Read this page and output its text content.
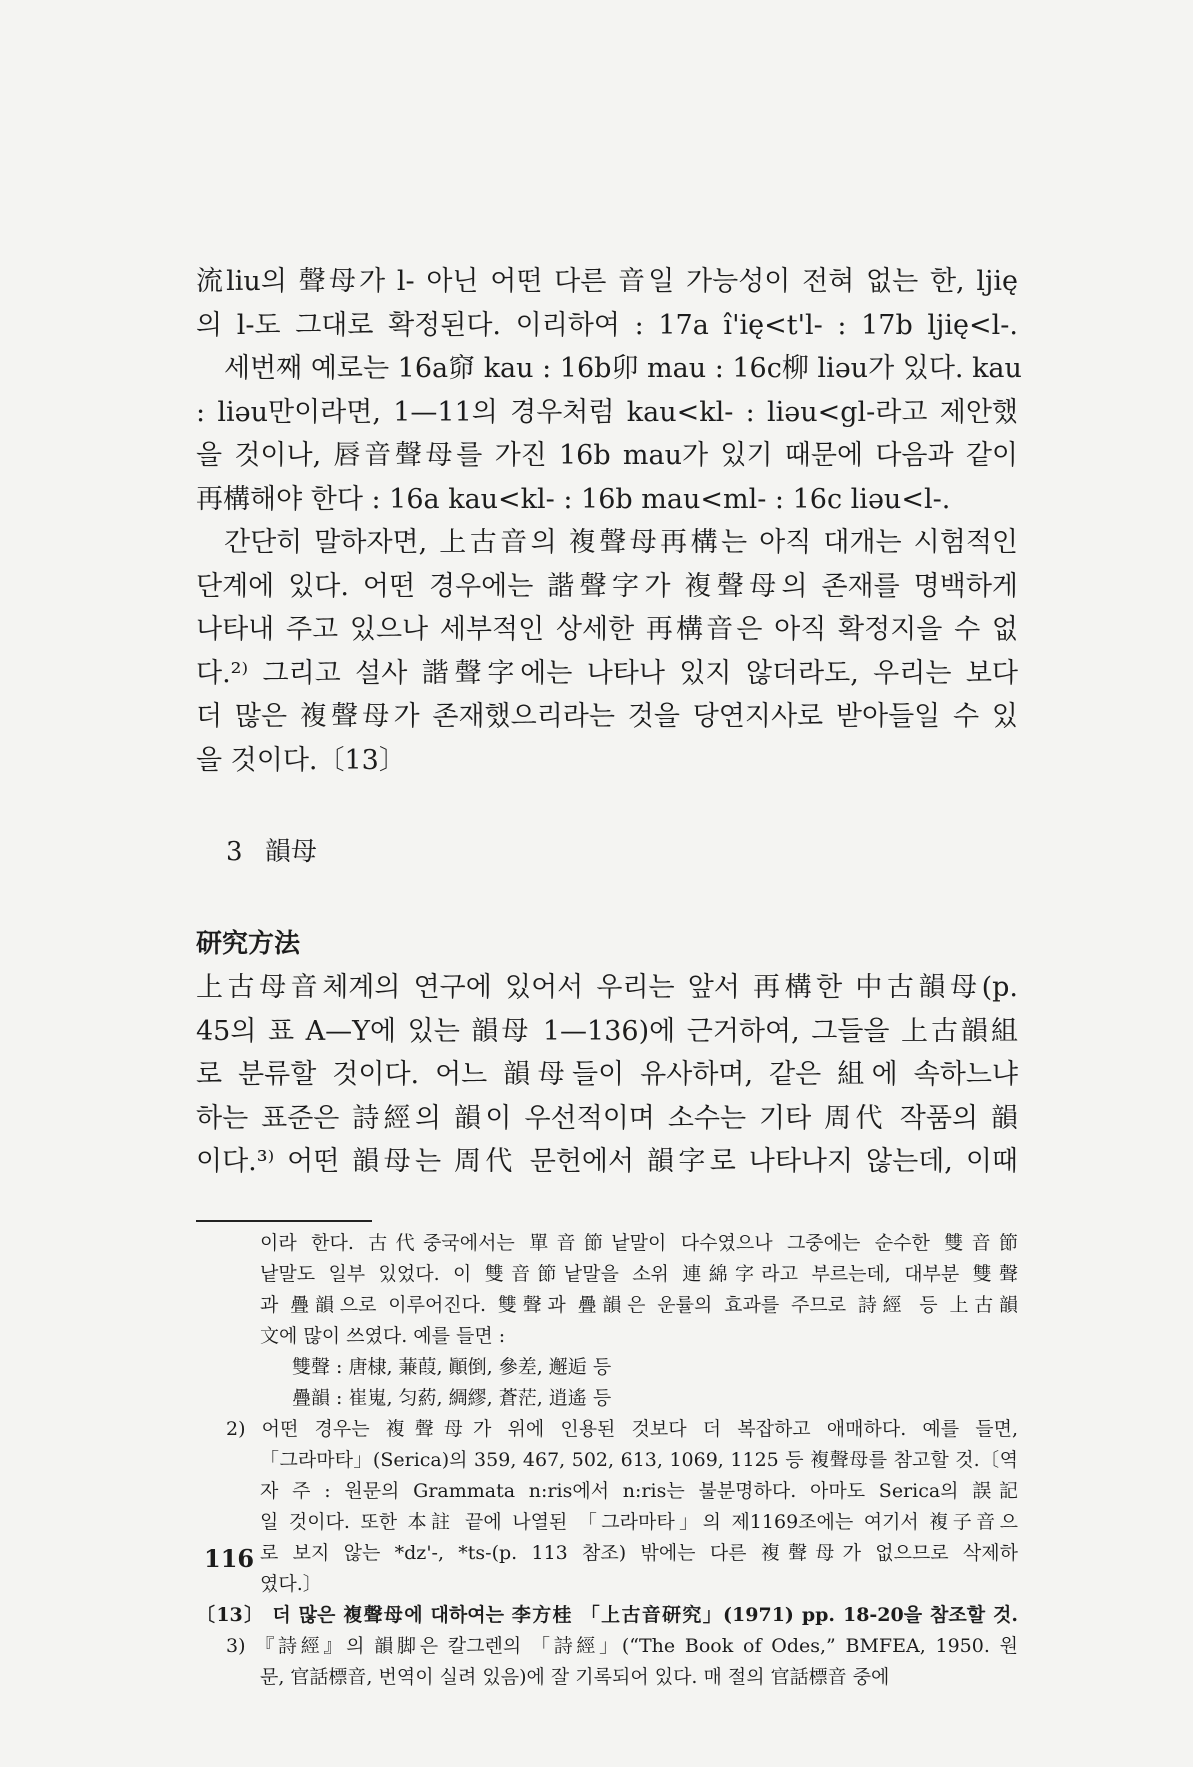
流liu의 聲母가 l- 아닌 어떤 다른 音일 가능성이 전혀 없는 한, ljię
의 l-도 그대로 확정된다. 이리하여 : 17a î'ię<t'l- : 17b ljię<l-.
세번째 예로는 16a窌 kau : 16b卯 mau : 16c柳 liəu가 있다. kau
: liəu만이라면, 1—11의 경우처럼 kau<kl- : liəu<gl-라고 제안했
을 것이나, 唇音聲母를 가진 16b mau가 있기 때문에 다음과 같이
再構해야 한다 : 16a kau<kl- : 16b mau<ml- : 16c liəu<l-.
간단히 말하자면, 上古音의 複聲母再構는 아직 대개는 시험적인
단계에 있다. 어떤 경우에는 諧聲字가 複聲母의 존재를 명백하게
나타내 주고 있으나 세부적인 상세한 再構音은 아직 확정지을 수 없
다.²⁾ 그리고 설사 諧聲字에는 나타나 있지 않더라도, 우리는 보다
더 많은 複聲母가 존재했으리라는 것을 당연지사로 받아들일 수 있
을 것이다.〔13〕
3 韻母
研究方法
上古母音체계의 연구에 있어서 우리는 앞서 再構한 中古韻母(p.
45의 표 A—Y에 있는 韻母 1—136)에 근거하여, 그들을 上古韻組
로 분류할 것이다. 어느 韻母들이 유사하며, 같은 組에 속하느냐
하는 표준은 詩經의 韻이 우선적이며 소수는 기타 周代 작품의 韻
이다.³⁾ 어떤 韻母는 周代 문헌에서 韻字로 나타나지 않는데, 이때
이라 한다. 古代중국에서는 單音節낱말이 다수였으나 그중에는 순수한 雙音節
낱말도 일부 있었다. 이 雙音節낱말을 소위 連綿字라고 부르는데, 대부분 雙聲
과 疊韻으로 이루어진다. 雙聲과 疊韻은 운률의 효과를 주므로 詩經 등 上古韻
文에 많이 쓰였다. 예를 들면 :
雙聲 : 唐棣, 蒹葭, 顚倒, 參差, 邂逅 등
疊韻 : 崔嵬, 匀葯, 綢繆, 蒼茫, 逍遙 등
2) 어떤 경우는 複聲母가 위에 인용된 것보다 더 복잡하고 애매하다. 예를 들면,
「그라마타」(Serica)의 359, 467, 502, 613, 1069, 1125 등 複聲母를 참고할 것.〔역
자 주 : 원문의 Grammata n:ris에서 n:ris는 불분명하다. 아마도 Serica의 誤記
일 것이다. 또한 本註 끝에 나열된 「그라마타」의 제1169조에는 여기서 複子音으
로 보지 않는 *dz'-, *ts-(p. 113 참조) 밖에는 다른 複聲母가 없으므로 삭제하
였다.〕
〔13〕 더 많은 複聲母에 대하여는 李方桂 「上古音研究」(1971) pp. 18-20을 참조할 것.
3) 『詩經』의 韻脚은 칼그렌의 「詩經」(“The Book of Odes,” BMFEA, 1950. 원
문, 官話標音, 번역이 실려 있음)에 잘 기록되어 있다. 매 절의 官話標音 중에
116
